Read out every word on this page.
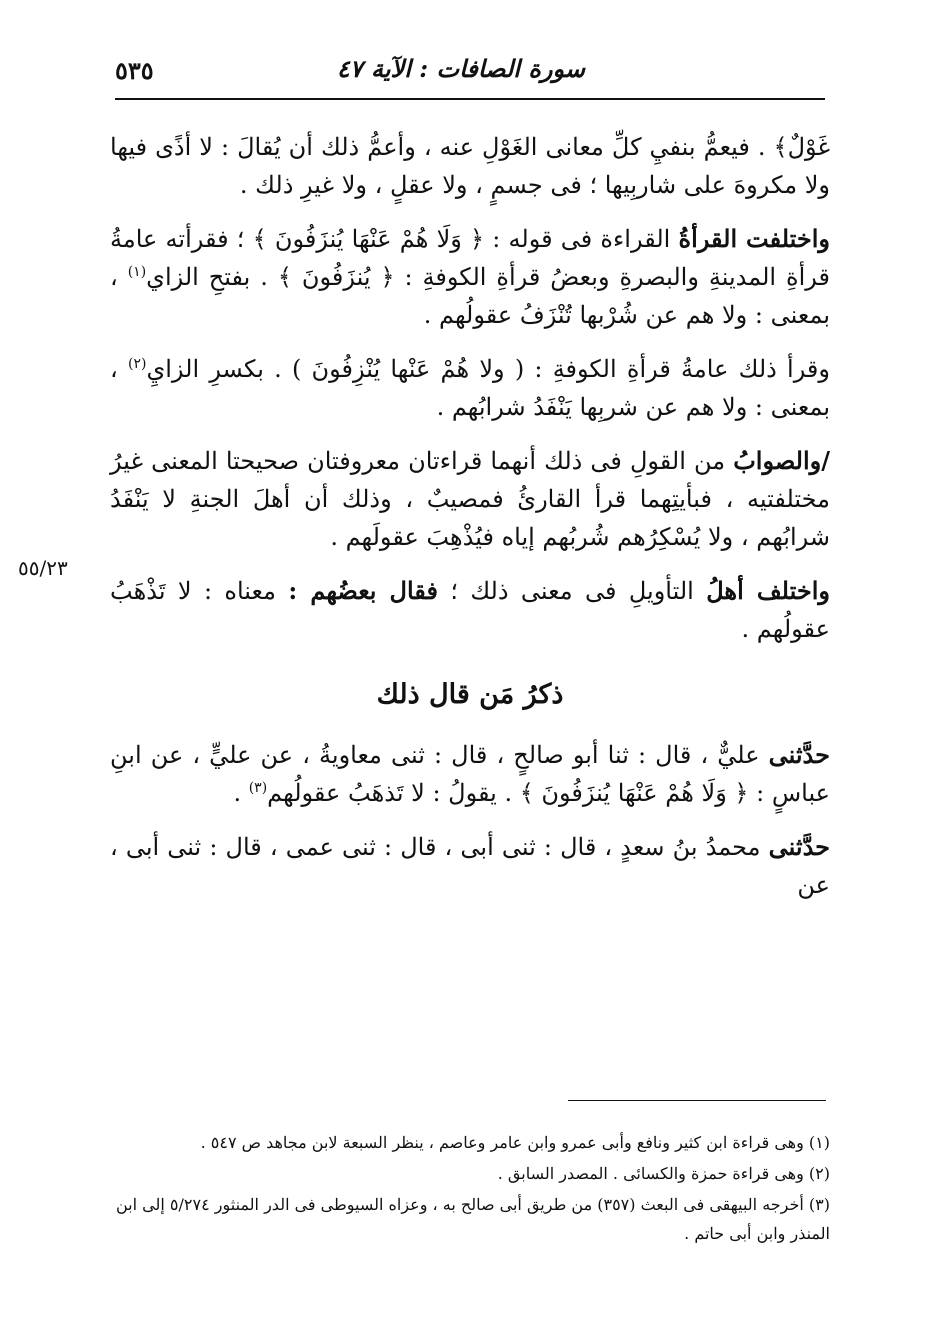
٥٣٥	سورة الصافات : الآية ٤٧
٥٥/٢٣

غَوْلٌ﴾ . فيعمُّ بنفيِ كلِّ معانى الغَوْلِ عنه ، وأعمُّ ذلك أن يُقالَ : لا أذًى فيها ولا مكروهَ على شاربِيها ؛ فى جسمٍ ، ولا عقلٍ ، ولا غيرِ ذلك .

واختلفت القرأةُ القراءة فى قوله : ﴿ وَلَا هُمْ عَنْهَا يُنزَفُونَ ﴾ ؛ فقرأته عامةُ قرأةِ المدينةِ والبصرةِ وبعضُ قرأةِ الكوفةِ : ﴿ يُنزَفُونَ ﴾ . بفتحِ الزاي$^{(١)}$ ، بمعنى : ولا هم عن شُرْبها تُنْزَفُ عقولُهم .

وقرأ ذلك عامةُ قرأةِ الكوفةِ : ( ولا هُمْ عَنْها يُنْزِفُونَ ) . بكسرِ الزايِ$^{(٢)}$ ، بمعنى : ولا هم عن شربِها يَنْفَدُ شرابُهم .

/والصوابُ من القولِ فى ذلك أنهما قراءتان معروفتان صحيحتا المعنى غيرُ مختلفتيه ، فبأيتِهما قرأ القارئُ فمصيبٌ ، وذلك أن أهلَ الجنةِ لا يَنْفَدُ شرابُهم ، ولا يُسْكِرُهم شُربُهم إياه فيُذْهِبَ عقولَهم .

واختلف أهلُ التأويلِ فى معنى ذلك ؛ فقال بعضُهم : معناه : لا تَذْهَبُ عقولُهم .

ذكرُ مَن قال ذلك

حدَّثنى عليٌّ ، قال : ثنا أبو صالحٍ ، قال : ثنى معاويةُ ، عن عليٍّ ، عن ابنِ عباسٍ : ﴿ وَلَا هُمْ عَنْهَا يُنزَفُونَ ﴾ . يقولُ : لا تَذهَبُ عقولُهم$^{(٣)}$ .

حدَّثنى محمدُ بنُ سعدٍ ، قال : ثنى أبى ، قال : ثنى عمى ، قال : ثنى أبى ، عن

(١) وهى قراءة ابن كثير ونافع وأبى عمرو وابن عامر وعاصم ، ينظر السبعة لابن مجاهد ص ٥٤٧ .

(٢) وهى قراءة حمزة والكسائى . المصدر السابق .

(٣) أخرجه البيهقى فى البعث (٣٥٧) من طريق أبى صالح به ، وعزاه السيوطى فى الدر المنثور ٥/٢٧٤ إلى ابن المنذر وابن أبى حاتم .
